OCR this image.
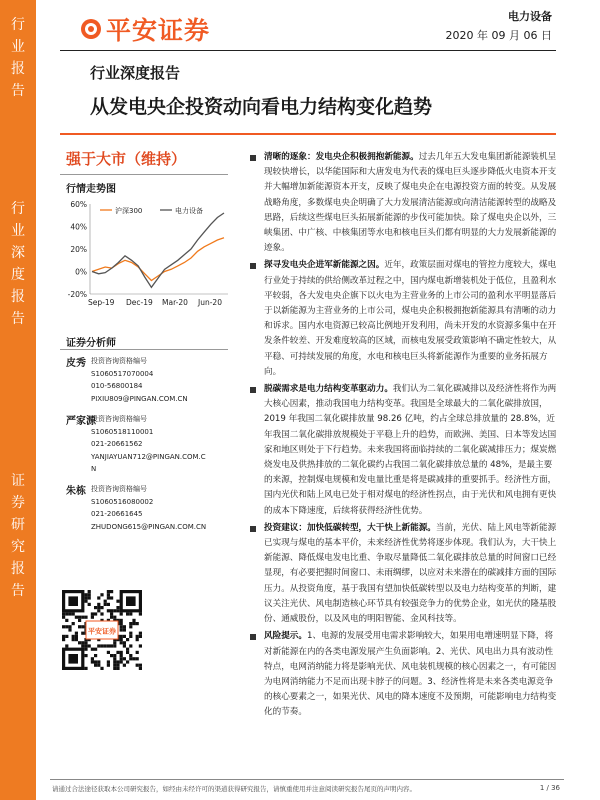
行
业
报
告
行
业
深
度
报
告
证
券
研
究
报
告
平安证券	电力设备
2020 年 09 月 06 日
行业深度报告
从发电央企投资动向看电力结构变化趋势
强于大市（维持）
行情走势图
60%
40%
20%
0%
-20%
Sep-19 Dec-19 Mar-20 Jun-20
沪深300	电力设备
证券分析师
皮秀 投资咨询资格编号
S1060517070004
010-56800184
PIXIU809@PINGAN.COM.CN
严家源
投资咨询资格编号
S1060518110001
021-20661562
YANJIAYUAN712@PINGAN.COM.C
N
朱栋 投资咨询资格编号
S1060516080002
021-20661645
ZHUDONG615@PINGAN.COM.CN
平安证券
清晰的逐象：发电央企积极拥抱新能源。过去几年五大发电集团新能源装机呈现较快增长，以华能国际和大唐发电为代表的煤电巨头逐步降低火电资本开支并大幅增加新能源资本开支，反映了煤电央企在电源投资方面的转变。从发展战略角度，多数煤电央企明确了大力发展清洁能源或向清洁能源转型的战略及思路，后续这些煤电巨头拓展新能源的步伐可能加快。除了煤电央企以外，三峡集团、中广核、中核集团等水电和核电巨头们都有明显的大力发展新能源的迹象。
探寻发电央企进军新能源之因。近年，政策层面对煤电的管控力度较大，煤电行业处于持续的供给侧改革过程之中，国内煤电新增装机处于低位，且盈利水平较弱，各大发电央企旗下以火电为主营业务的上市公司的盈利水平明显落后于以新能源为主营业务的上市公司，煤电央企积极拥抱新能源具有清晰的动力和诉求。国内水电资源已较高比例地开发利用，尚未开发的水资源多集中在开发条件较差、开发难度较高的区域，而核电发展受政策影响不确定性较大，从平稳、可持续发展的角度，水电和核电巨头将新能源作为重要的业务拓展方向。
脱碳需求是电力结构变革驱动力。我们认为二氧化碳减排以及经济性将作为两大核心因素，推动我国电力结构变革。我国是全球最大的二氧化碳排放国，2019 年我国二氧化碳排放量 98.26 亿吨，约占全球总排放量的 28.8%，近年我国二氧化碳排放规模处于平稳上升的趋势，而欧洲、美国、日本等发达国家和地区则处于下行趋势。未来我国将面临持续的二氧化碳减排压力；煤炭燃烧发电及供热排放的二氧化碳约占我国二氧化碳排放总量的 48%，是最主要的来源，控制煤电规模和发电量比重是将是碳减排的重要抓手。经济性方面，国内光伏和陆上风电已处于相对煤电的经济性拐点，由于光伏和风电拥有更快的成本下降速度，后续将获得经济性优势。
投资建议：加快低碳转型，大干快上新能源。当前，光伏、陆上风电等新能源已实现与煤电的基本平价，未来经济性优势将逐步体现。我们认为，大干快上新能源、降低煤电发电比重、争取尽量降低二氧化碳排放总量的时间窗口已经显现，有必要把握时间窗口、未雨绸缪，以应对未来潜在的碳减排方面的国际压力。从投资角度，基于我国有望加快低碳转型以及电力结构变革的判断，建议关注光伏、风电制造核心环节具有较强竞争力的优势企业，如光伏的隆基股份、通威股份，以及风电的明阳智能、金风科技等。
风险提示。1、电源的发展受用电需求影响较大，如果用电增速明显下降，将对新能源在内的各类电源发展产生负面影响。2、光伏、风电出力具有波动性特点，电网消纳能力将是影响光伏、风电装机规模的核心因素之一，有可能因为电网消纳能力不足而出现卡脖子的问题。3、经济性将是未来各类电源竞争的核心要素之一，如果光伏、风电的降本速度不及预期，可能影响电力结构变化的节奏。
请通过合法途径获取本公司研究报告，如经由未经许可的渠道获得研究报告，请慎重使用并注意阅读研究报告尾页的声明内容。	1 / 36
